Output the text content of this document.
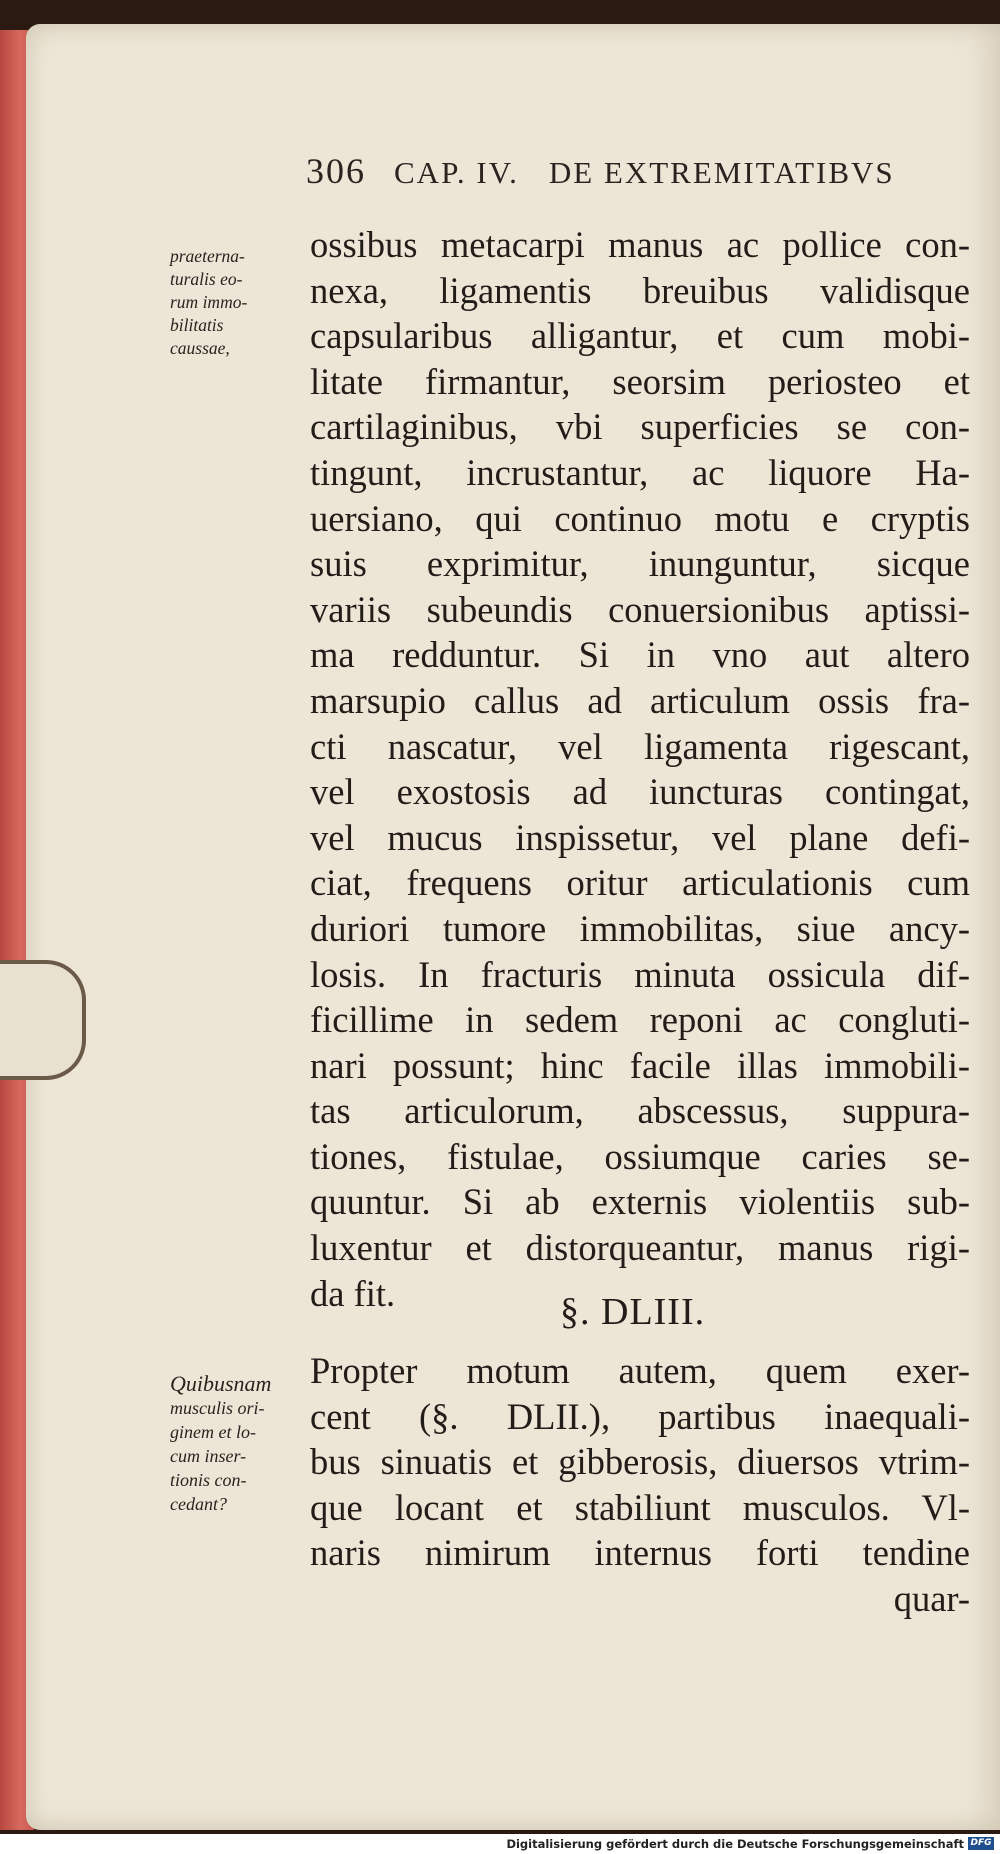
306 CAP. IV. DE EXTREMITATIBVS
praeterna-
turalis eo-
rum immo-
bilitatis
caussae,
ossibus metacarpi manus ac pollice con-
nexa, ligamentis breuibus validisque
capsularibus alligantur, et cum mobi-
litate firmantur, seorsim periosteo et
cartilaginibus, vbi superficies se con-
tingunt, incrustantur, ac liquore Ha-
uersiano, qui continuo motu e cryptis
suis exprimitur, inunguntur, sicque
variis subeundis conuersionibus aptissi-
ma redduntur. Si in vno aut altero
marsupio callus ad articulum ossis fra-
cti nascatur, vel ligamenta rigescant,
vel exostosis ad iuncturas contingat,
vel mucus inspissetur, vel plane defi-
ciat, frequens oritur articulationis cum
duriori tumore immobilitas, siue ancy-
losis. In fracturis minuta ossicula dif-
ficillime in sedem reponi ac congluti-
nari possunt; hinc facile illas immobili-
tas articulorum, abscessus, suppura-
tiones, fistulae, ossiumque caries se-
quuntur. Si ab externis violentiis sub-
luxentur et distorqueantur, manus rigi-
da fit.	§. DLIII.
Quibusnam
musculis ori-
ginem et lo-
cum inser-
tionis con-
cedant?
Propter motum autem, quem exer-
cent (§. DLII.), partibus inaequali-
bus sinuatis et gibberosis, diuersos vtrim-
que locant et stabiliunt musculos. Vl-
naris nimirum internus forti tendine
quar-
Digitalisierung gefördert durch die Deutsche Forschungsgemeinschaft DFG
